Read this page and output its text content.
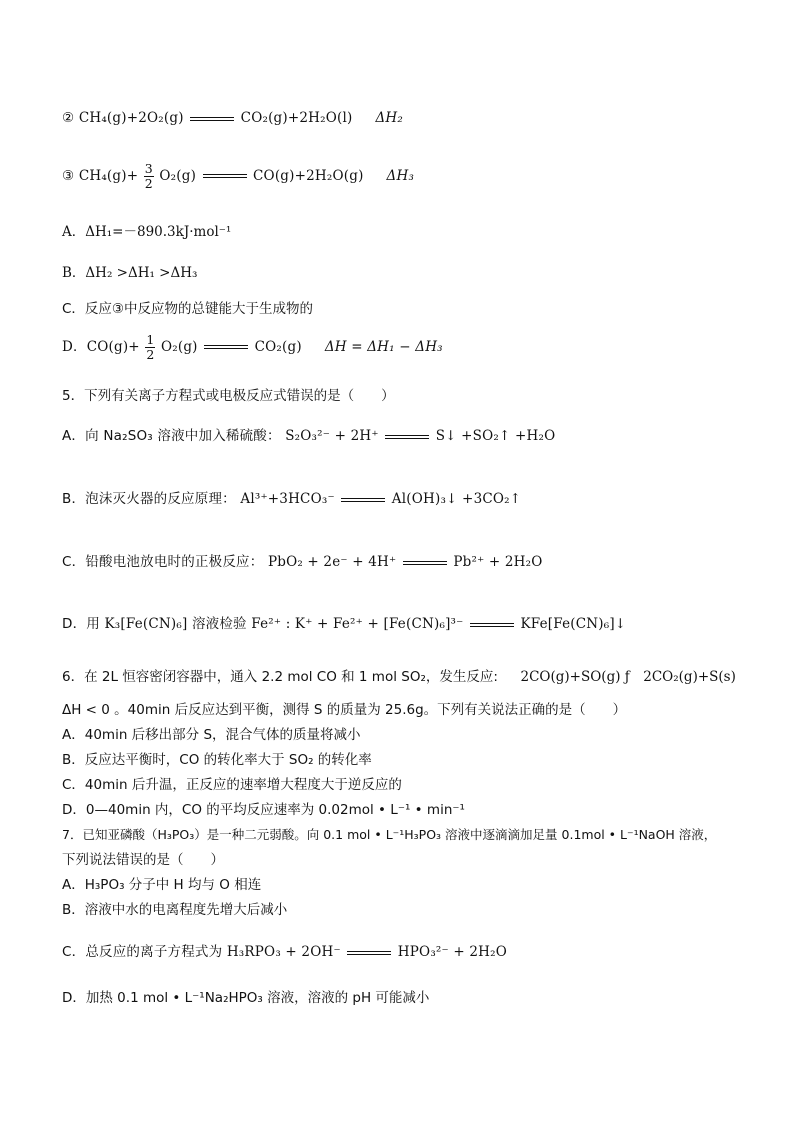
② CH₄(g)+2O₂(g)	CO₂(g)+2H₂O(l) ΔH₂
③ $CH_4(g)+ \frac{3}{2} O_2(g)$	CO(g)+2H₂O(g) ΔH₃
A．ΔH₁=－890.3kJ·mol⁻¹
B．ΔH₂ >ΔH₁ >ΔH₃
C．反应③中反应物的总键能大于生成物的
D．$CO(g)+ \frac{1}{2} O_2(g)$	CO₂(g) ΔH = ΔH₁ − ΔH₃
5．下列有关离子方程式或电极反应式错误的是（　　）
A．向 Na₂SO₃ 溶液中加入稀硫酸： S₂O₃²⁻ + 2H⁺	S↓ +SO₂↑ +H₂O
B．泡沫灭火器的反应原理： Al³⁺+3HCO₃⁻	Al(OH)₃↓ +3CO₂↑
C．铅酸电池放电时的正极反应： PbO₂ + 2e⁻ + 4H⁺	Pb²⁺ + 2H₂O
D．用 K₃[Fe(CN)₆] 溶液检验 Fe²⁺ : K⁺ + Fe²⁺ + [Fe(CN)₆]³⁻	KFe[Fe(CN)₆]↓
6．在 2L 恒容密闭容器中，通入 2.2 mol CO 和 1 mol SO₂，发生反应: 2CO(g)+SO(g) ƒ　2CO₂(g)+S(s)
ΔH < 0 。40min 后反应达到平衡，测得 S 的质量为 25.6g。下列有关说法正确的是（　　）
A．40min 后移出部分 S，混合气体的质量将减小
B．反应达平衡时，CO 的转化率大于 SO₂ 的转化率
C．40min 后升温，正反应的速率增大程度大于逆反应的
D．0—40min 内，CO 的平均反应速率为 0.02mol • L⁻¹ • min⁻¹
7．已知亚磷酸（H₃PO₃）是一种二元弱酸。向 0.1 mol • L⁻¹H₃PO₃ 溶液中逐滴滴加足量 0.1mol • L⁻¹NaOH 溶液，
下列说法错误的是（　　）
A．H₃PO₃ 分子中 H 均与 O 相连
B．溶液中水的电离程度先增大后减小
C．总反应的离子方程式为 H₃RPO₃ + 2OH⁻	HPO₃²⁻ + 2H₂O
D．加热 0.1 mol • L⁻¹Na₂HPO₃ 溶液，溶液的 pH 可能减小
